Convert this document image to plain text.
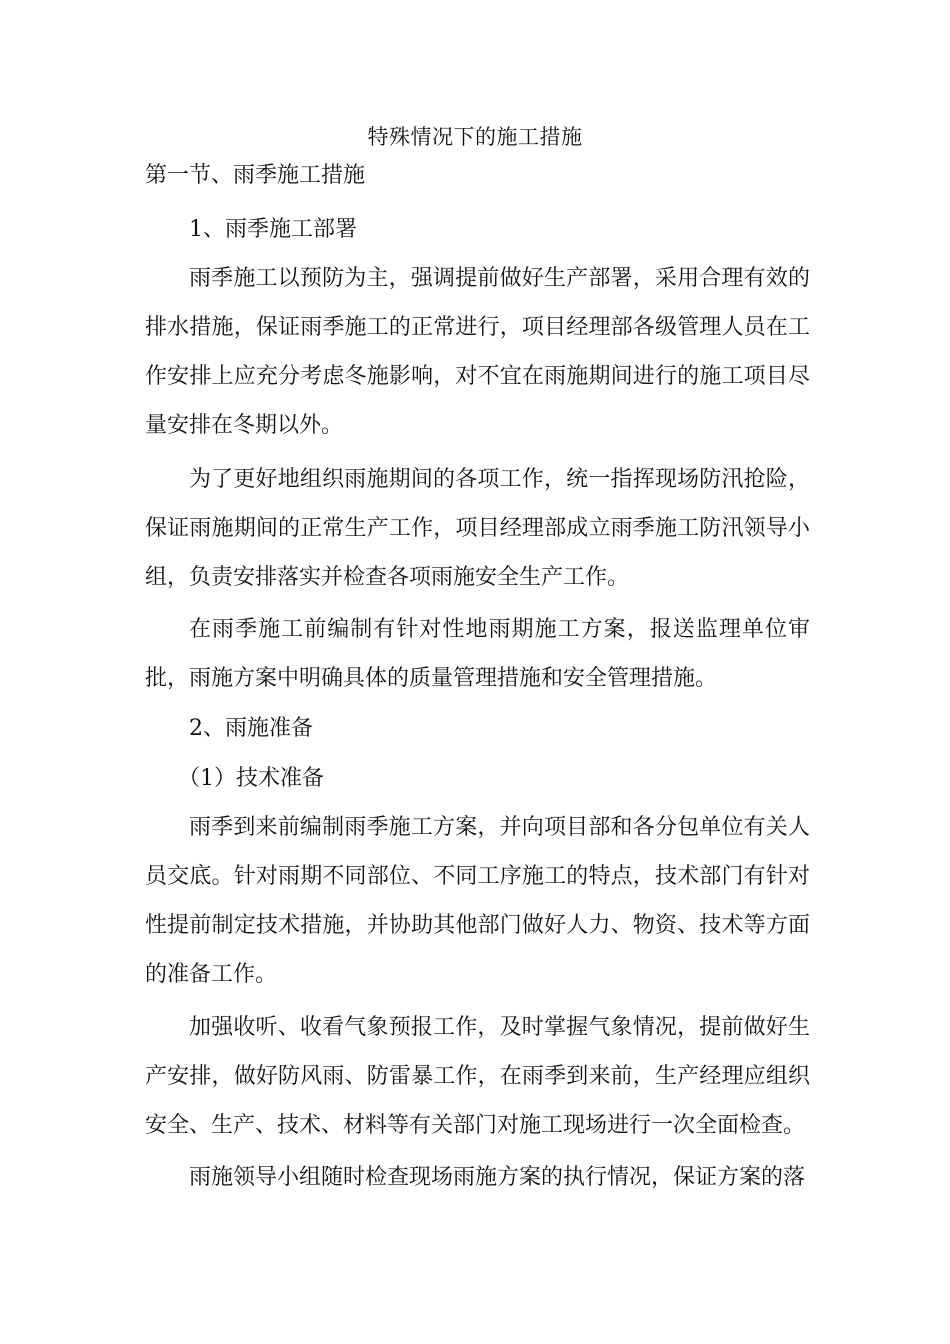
特殊情况下的施工措施
第一节、雨季施工措施
1、雨季施工部署

雨季施工以预防为主，强调提前做好生产部署，采用合理有效的排水措施，保证雨季施工的正常进行，项目经理部各级管理人员在工作安排上应充分考虑冬施影响，对不宜在雨施期间进行的施工项目尽量安排在冬期以外。

为了更好地组织雨施期间的各项工作，统一指挥现场防汛抢险，保证雨施期间的正常生产工作，项目经理部成立雨季施工防汛领导小组，负责安排落实并检查各项雨施安全生产工作。

在雨季施工前编制有针对性地雨期施工方案，报送监理单位审批，雨施方案中明确具体的质量管理措施和安全管理措施。

2、雨施准备
（1）技术准备

雨季到来前编制雨季施工方案，并向项目部和各分包单位有关人员交底。针对雨期不同部位、不同工序施工的特点，技术部门有针对性提前制定技术措施，并协助其他部门做好人力、物资、技术等方面的准备工作。

加强收听、收看气象预报工作，及时掌握气象情况，提前做好生产安排，做好防风雨、防雷暴工作，在雨季到来前，生产经理应组织安全、生产、技术、材料等有关部门对施工现场进行一次全面检查。

雨施领导小组随时检查现场雨施方案的执行情况，保证方案的落
